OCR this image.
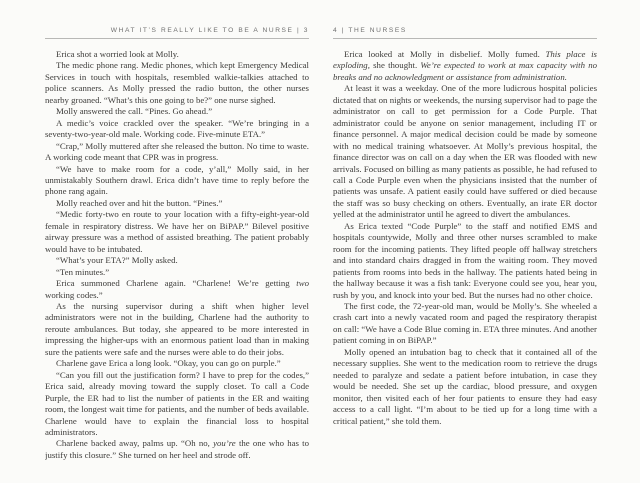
WHAT IT’S REALLY LIKE TO BE A NURSE | 3

Erica shot a worried look at Molly.

The medic phone rang. Medic phones, which kept Emergency Medical Services in touch with hospitals, resembled walkie-talkies attached to police scanners. As Molly pressed the radio button, the other nurses nearby groaned. “What’s this one going to be?” one nurse sighed.

Molly answered the call. “Pines. Go ahead.”

A medic’s voice crackled over the speaker. “We’re bringing in a seventy-two-year-old male. Working code. Five-minute ETA.”

“Crap,” Molly muttered after she released the button. No time to waste. A working code meant that CPR was in progress.

“We have to make room for a code, y’all,” Molly said, in her unmistakably Southern drawl. Erica didn’t have time to reply before the phone rang again.

Molly reached over and hit the button. “Pines.”

“Medic forty-two en route to your location with a fifty-eight-year-old female in respiratory distress. We have her on BiPAP.” Bilevel positive airway pressure was a method of assisted breathing. The patient probably would have to be intubated.

“What’s your ETA?” Molly asked.

“Ten minutes.”

Erica summoned Charlene again. “Charlene! We’re getting two working codes.”

As the nursing supervisor during a shift when higher level administrators were not in the building, Charlene had the authority to reroute ambulances. But today, she appeared to be more interested in impressing the higher-ups with an enormous patient load than in making sure the patients were safe and the nurses were able to do their jobs.

Charlene gave Erica a long look. “Okay, you can go on purple.”

“Can you fill out the justification form? I have to prep for the codes,” Erica said, already moving toward the supply closet. To call a Code Purple, the ER had to list the number of patients in the ER and waiting room, the longest wait time for patients, and the number of beds available. Charlene would have to explain the financial loss to hospital administrators.

Charlene backed away, palms up. “Oh no, you’re the one who has to justify this closure.” She turned on her heel and strode off.

4 | THE NURSES

Erica looked at Molly in disbelief. Molly fumed. This place is exploding, she thought. We’re expected to work at max capacity with no breaks and no acknowledgment or assistance from administration.

At least it was a weekday. One of the more ludicrous hospital policies dictated that on nights or weekends, the nursing supervisor had to page the administrator on call to get permission for a Code Purple. That administrator could be anyone on senior management, including IT or finance personnel. A major medical decision could be made by someone with no medical training whatsoever. At Molly’s previous hospital, the finance director was on call on a day when the ER was flooded with new arrivals. Focused on billing as many patients as possible, he had refused to call a Code Purple even when the physicians insisted that the number of patients was unsafe. A patient easily could have suffered or died because the staff was so busy checking on others. Eventually, an irate ER doctor yelled at the administrator until he agreed to divert the ambulances.

As Erica texted “Code Purple” to the staff and notified EMS and hospitals countywide, Molly and three other nurses scrambled to make room for the incoming patients. They lifted people off hallway stretchers and into standard chairs dragged in from the waiting room. They moved patients from rooms into beds in the hallway. The patients hated being in the hallway because it was a fish tank: Everyone could see you, hear you, rush by you, and knock into your bed. But the nurses had no other choice.

The first code, the 72-year-old man, would be Molly’s. She wheeled a crash cart into a newly vacated room and paged the respiratory therapist on call: “We have a Code Blue coming in. ETA three minutes. And another patient coming in on BiPAP.”

Molly opened an intubation bag to check that it contained all of the necessary supplies. She went to the medication room to retrieve the drugs needed to paralyze and sedate a patient before intubation, in case they would be needed. She set up the cardiac, blood pressure, and oxygen monitor, then visited each of her four patients to ensure they had easy access to a call light. “I’m about to be tied up for a long time with a critical patient,” she told them.
